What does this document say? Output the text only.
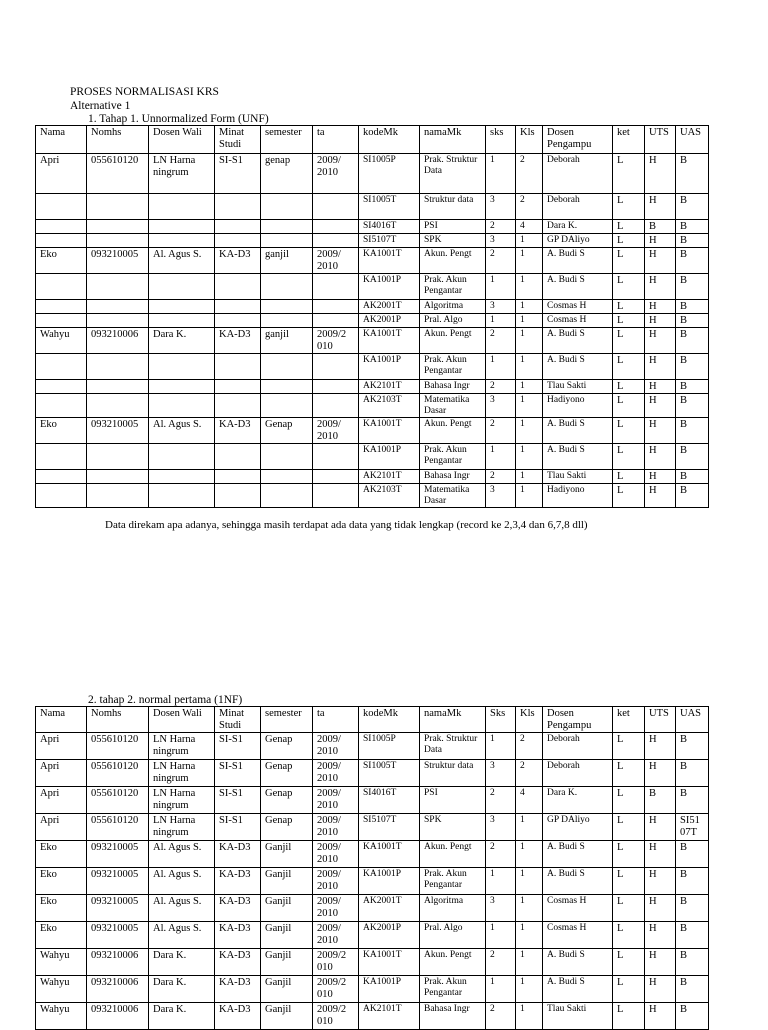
PROSES NORMALISASI KRS
Alternative 1
1. Tahap 1. Unnormalized Form (UNF)
Nama	Nomhs	Dosen Wali	Minat Studi	semester	ta	kodeMk	namaMk	sks	Kls	Dosen Pengampu	ket	UTS	UAS
Apri	055610120	LN Harna ningrum	SI-S1	genap	2009/ 2010	SI1005P	Prak. Struktur Data	1	2	Deborah	L	H	B
						SI1005T	Struktur data	3	2	Deborah	L	H	B
						SI4016T	PSI	2	4	Dara K.	L	B	B
						SI5107T	SPK	3	1	GP DAliyo	L	H	B
Eko	093210005	Al. Agus S.	KA-D3	ganjil	2009/ 2010	KA1001T	Akun. Pengt	2	1	A. Budi S	L	H	B
						KA1001P	Prak. Akun Pengantar	1	1	A. Budi S	L	H	B
						AK2001T	Algoritma	3	1	Cosmas H	L	H	B
						AK2001P	Pral. Algo	1	1	Cosmas H	L	H	B
Wahyu	093210006	Dara K.	KA-D3	ganjil	2009/2 010	KA1001T	Akun. Pengt	2	1	A. Budi S	L	H	B
						KA1001P	Prak. Akun Pengantar	1	1	A. Budi S	L	H	B
						AK2101T	Bahasa Ingr	2	1	Tlau Sakti	L	H	B
						AK2103T	Matematika Dasar	3	1	Hadiyono	L	H	B
Eko	093210005	Al. Agus S.	KA-D3	Genap	2009/ 2010	KA1001T	Akun. Pengt	2	1	A. Budi S	L	H	B
						KA1001P	Prak. Akun Pengantar	1	1	A. Budi S	L	H	B
						AK2101T	Bahasa Ingr	2	1	Tlau Sakti	L	H	B
						AK2103T	Matematika Dasar	3	1	Hadiyono	L	H	B
Data direkam apa adanya, sehingga masih terdapat ada data yang tidak lengkap (record ke 2,3,4 dan 6,7,8 dll)
2. tahap 2. normal pertama (1NF)
Nama	Nomhs	Dosen Wali	Minat Studi	semester	ta	kodeMk	namaMk	Sks	Kls	Dosen Pengampu	ket	UTS	UAS
Apri	055610120	LN Harna ningrum	SI-S1	Genap	2009/ 2010	SI1005P	Prak. Struktur Data	1	2	Deborah	L	H	B
Apri	055610120	LN Harna ningrum	SI-S1	Genap	2009/ 2010	SI1005T	Struktur data	3	2	Deborah	L	H	B
Apri	055610120	LN Harna ningrum	SI-S1	Genap	2009/ 2010	SI4016T	PSI	2	4	Dara K.	L	B	B
Apri	055610120	LN Harna ningrum	SI-S1	Genap	2009/ 2010	SI5107T	SPK	3	1	GP DAliyo	L	H	SI51 07T
Eko	093210005	Al. Agus S.	KA-D3	Ganjil	2009/ 2010	KA1001T	Akun. Pengt	2	1	A. Budi S	L	H	B
Eko	093210005	Al. Agus S.	KA-D3	Ganjil	2009/ 2010	KA1001P	Prak. Akun Pengantar	1	1	A. Budi S	L	H	B
Eko	093210005	Al. Agus S.	KA-D3	Ganjil	2009/ 2010	AK2001T	Algoritma	3	1	Cosmas H	L	H	B
Eko	093210005	Al. Agus S.	KA-D3	Ganjil	2009/ 2010	AK2001P	Pral. Algo	1	1	Cosmas H	L	H	B
Wahyu	093210006	Dara K.	KA-D3	Ganjil	2009/2 010	KA1001T	Akun. Pengt	2	1	A. Budi S	L	H	B
Wahyu	093210006	Dara K.	KA-D3	Ganjil	2009/2 010	KA1001P	Prak. Akun Pengantar	1	1	A. Budi S	L	H	B
Wahyu	093210006	Dara K.	KA-D3	Ganjil	2009/2 010	AK2101T	Bahasa Ingr	2	1	Tlau Sakti	L	H	B
